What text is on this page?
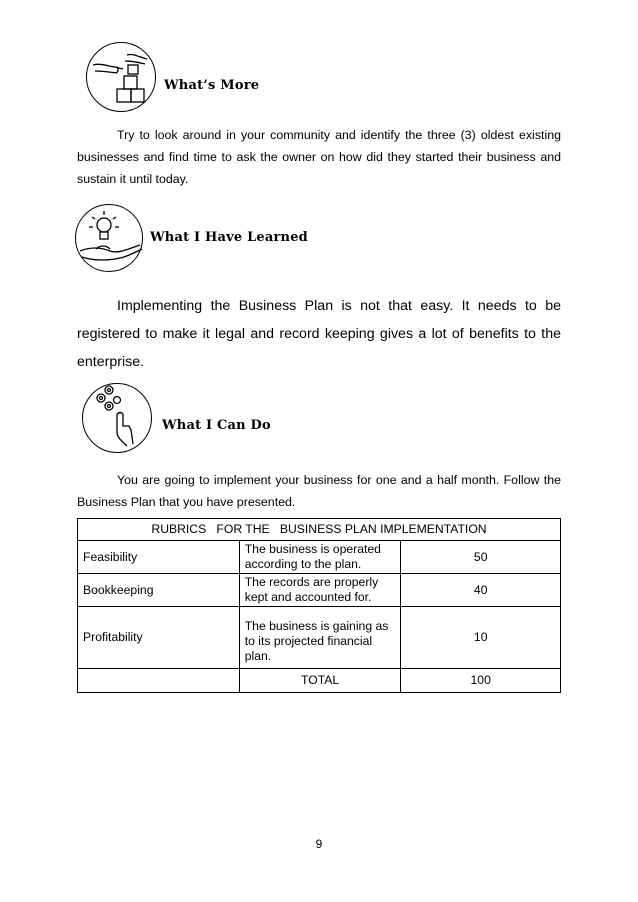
What’s More
Try to look around in your community and identify the three (3) oldest existing businesses and find time to ask the owner on how did they started their business and sustain it until today.
What I Have Learned
Implementing the Business Plan is not that easy. It needs to be registered to make it legal and record keeping gives a lot of benefits to the enterprise.
What I Can Do
You are going to implement your business for one and a half month. Follow the Business Plan that you have presented.
RUBRICS   FOR THE   BUSINESS PLAN IMPLEMENTATION		
Feasibility	The business is operated according to the plan.	50
Bookkeeping	The records are properly kept and accounted for.	40
Profitability	The business is gaining as to its projected financial plan.	10
	TOTAL	100
9
